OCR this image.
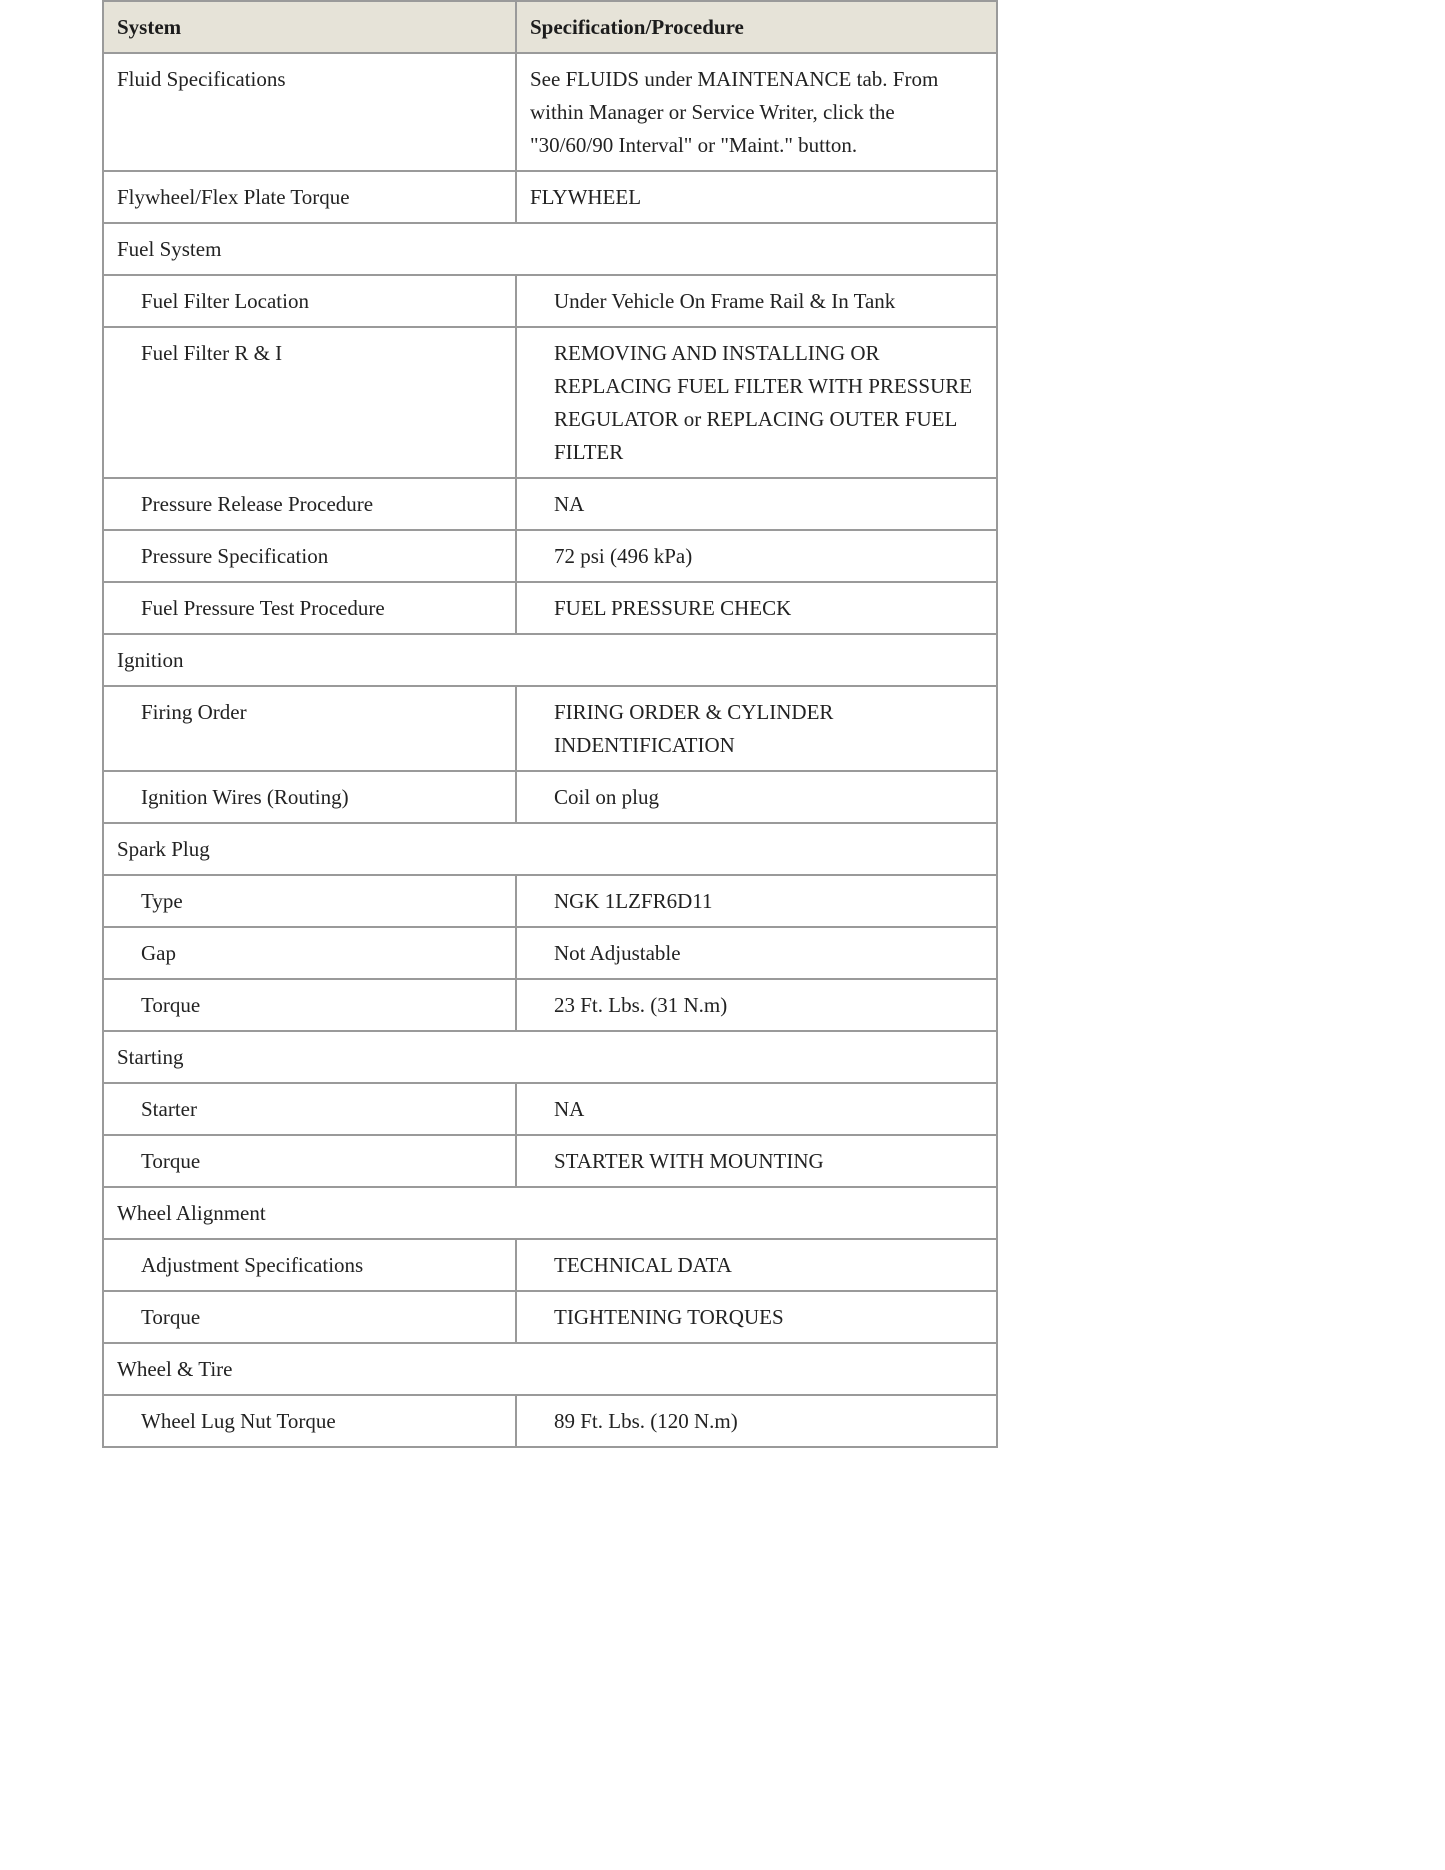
System	Specification/Procedure
Fluid Specifications	See FLUIDS under MAINTENANCE tab. From within Manager or Service Writer, click the "30/60/90 Interval" or "Maint." button.
Flywheel/Flex Plate Torque	FLYWHEEL
Fuel System	
Fuel Filter Location	Under Vehicle On Frame Rail & In Tank
Fuel Filter R & I	REMOVING AND INSTALLING OR REPLACING FUEL FILTER WITH PRESSURE REGULATOR or REPLACING OUTER FUEL FILTER
Pressure Release Procedure	NA
Pressure Specification	72 psi (496 kPa)
Fuel Pressure Test Procedure	FUEL PRESSURE CHECK
Ignition	
Firing Order	FIRING ORDER & CYLINDER INDENTIFICATION
Ignition Wires (Routing)	Coil on plug
Spark Plug	
Type	NGK 1LZFR6D11
Gap	Not Adjustable
Torque	23 Ft. Lbs. (31 N.m)
Starting	
Starter	NA
Torque	STARTER WITH MOUNTING
Wheel Alignment	
Adjustment Specifications	TECHNICAL DATA
Torque	TIGHTENING TORQUES
Wheel & Tire	
Wheel Lug Nut Torque	89 Ft. Lbs. (120 N.m)
